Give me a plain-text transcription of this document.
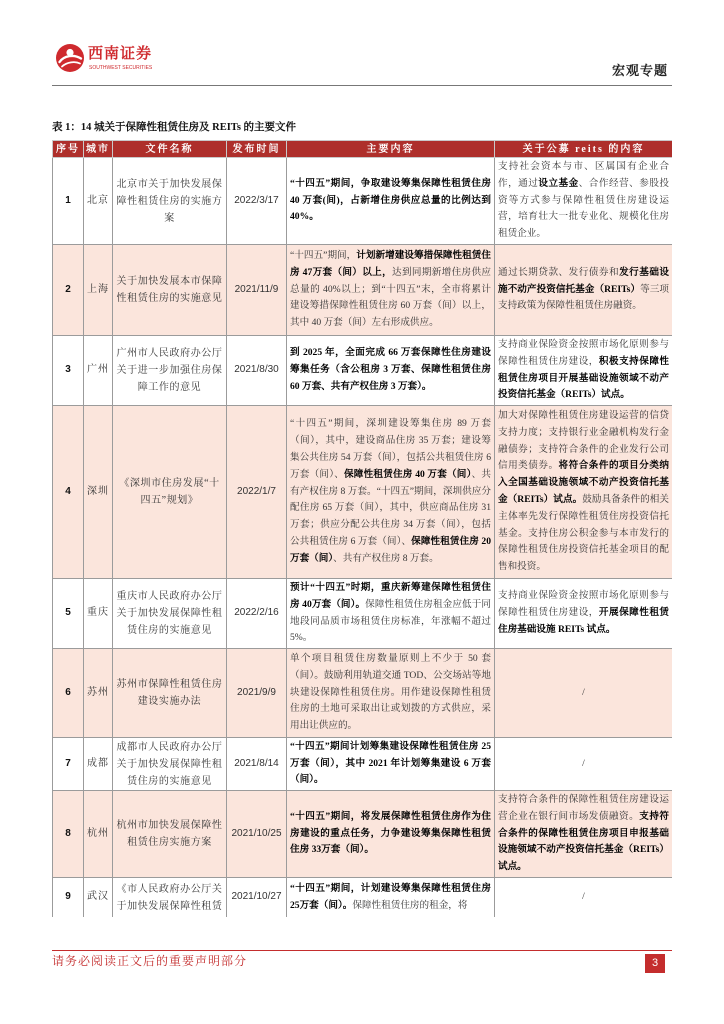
西南证券
SOUTHWEST SECURITIES	宏观专题
表 1：14 城关于保障性租赁住房及 REITs 的主要文件
序号	城市	文件名称	发布时间	主要内容	关于公募 reits 的内容

1	北京	北京市关于加快发展保障性租赁住房的实施方案	2022/3/17	“十四五”期间，争取建设筹集保障性租赁住房 40 万套(间)，占新增住房供应总量的比例达到 40%。	支持社会资本与市、区属国有企业合作，通过设立基金、合作经营、参股投资等方式参与保障性租赁住房建设运营，培育壮大一批专业化、规模化住房租赁企业。

2	上海	关于加快发展本市保障性租赁住房的实施意见	2021/11/9	“十四五”期间，计划新增建设筹措保障性租赁住房 47万套（间）以上，达到同期新增住房供应总量的 40%以上；到“十四五”末，全市将累计建设筹措保障性租赁住房 60 万套（间）以上，其中 40 万套（间）左右形成供应。	通过长期贷款、发行债券和发行基础设施不动产投资信托基金（REITs）等三项支持政策为保障性租赁住房融资。

3	广州	广州市人民政府办公厅关于进一步加强住房保障工作的意见	2021/8/30	到 2025 年，全面完成 66 万套保障性住房建设筹集任务（含公租房 3 万套、保障性租赁住房 60 万套、共有产权住房 3 万套）。	支持商业保险资金按照市场化原则参与保障性租赁住房建设，积极支持保障性租赁住房项目开展基础设施领域不动产投资信托基金（REITs）试点。

4	深圳	《深圳市住房发展“十四五”规划》	2022/1/7	“十四五”期间，深圳建设筹集住房 89 万套（间），其中，建设商品住房 35 万套；建设筹集公共住房 54 万套（间），包括公共租赁住房 6 万套（间）、保障性租赁住房 40 万套（间）、共有产权住房 8 万套。“十四五”期间，深圳供应分配住房 65 万套（间），其中，供应商品住房 31 万套；供应分配公共住房 34 万套（间），包括公共租赁住房 6 万套（间）、保障性租赁住房 20 万套（间）、共有产权住房 8 万套。	加大对保障性租赁住房建设运营的信贷支持力度；支持银行业金融机构发行金融债券；支持符合条件的企业发行公司信用类债券。将符合条件的项目分类纳入全国基础设施领域不动产投资信托基金（REITs）试点。鼓励具备条件的相关主体率先发行保障性租赁住房投资信托基金。支持住房公积金参与本市发行的保障性租赁住房投资信托基金项目的配售和投资。

5	重庆	重庆市人民政府办公厅关于加快发展保障性租赁住房的实施意见	2022/2/16	预计“十四五”时期，重庆新筹建保障性租赁住房 40万套（间）。保障性租赁住房租金应低于同地段同品质市场租赁住房标准，年涨幅不超过 5%。	支持商业保险资金按照市场化原则参与保障性租赁住房建设，开展保障性租赁住房基础设施 REITs 试点。

6	苏州	苏州市保障性租赁住房建设实施办法	2021/9/9	单个项目租赁住房数量原则上不少于 50 套（间）。鼓励利用轨道交通 TOD、公交场站等地块建设保障性租赁住房。用作建设保障性租赁住房的土地可采取出让或划拨的方式供应，采用出让供应的。	/

7	成都	成都市人民政府办公厅关于加快发展保障性租赁住房的实施意见	2021/8/14	“十四五”期间计划筹集建设保障性租赁住房 25 万套（间），其中 2021 年计划筹集建设 6 万套（间）。	/

8	杭州	杭州市加快发展保障性租赁住房实施方案	2021/10/25	“十四五”期间，将发展保障性租赁住房作为住房建设的重点任务，力争建设筹集保障性租赁住房 33万套（间）。	支持符合条件的保障性租赁住房建设运营企业在银行间市场发债融资。支持符合条件的保障性租赁住房项目申报基础设施领域不动产投资信托基金（REITs）试点。

9	武汉	《市人民政府办公厅关于加快发展保障性租赁	2021/10/27	“十四五”期间，计划建设筹集保障性租赁住房 25万套（间）。保障性租赁住房的租金，将	/
请务必阅读正文后的重要声明部分	3
